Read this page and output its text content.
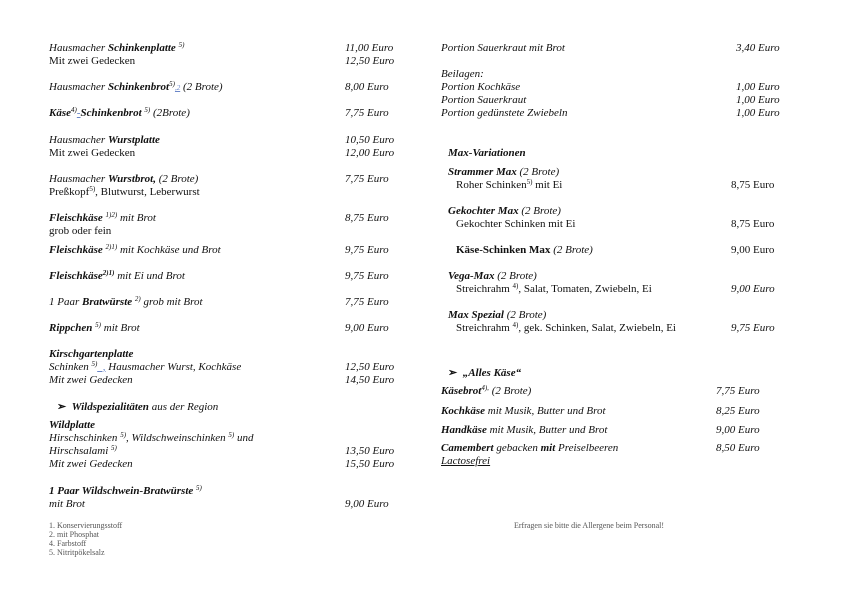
Hausmacher Schinkenplatte $^{5)}$	11,00 Euro
Mit zwei Gedecken	12,50 Euro
Hausmacher Schinkenbrot$^{5)}$,2 (2 Brote)	8,00 Euro
Käse$^{4)}$-Schinkenbrot $^{5)}$ (2Brote)	7,75 Euro
Hausmacher Wurstplatte	10,50 Euro
Mit zwei Gedecken	12,00 Euro
Hausmacher Wurstbrot, (2 Brote)	7,75 Euro
Preßkopf$^{5)}$, Blutwurst, Leberwurst
Fleischkäse $^{1)2)}$ mit Brot	8,75 Euro
grob oder fein
Fleischkäse $^{2)1)}$ mit Kochkäse und Brot	9,75 Euro
Fleischkäse$^{2)1)}$ mit Ei und Brot	9,75 Euro
1 Paar Bratwürste $^{2)}$ grob mit Brot	7,75 Euro
Rippchen $^{5)}$ mit Brot	9,00 Euro
Kirschgartenplatte
Schinken $^{5)}$_, Hausmacher Wurst, Kochkäse	12,50 Euro
Mit zwei Gedecken	14,50 Euro
➢ Wildspezialitäten aus der Region
Wildplatte
Hirschschinken $^{5)}$, Wildschweinschinken $^{5)}$ und
Hirschsalami $^{5)}$	13,50 Euro
Mit zwei Gedecken	15,50 Euro
1 Paar Wildschwein-Bratwürste $^{5)}$
mit Brot	9,00 Euro
Portion Sauerkraut mit Brot	3,40 Euro
Beilagen:
Portion Kochkäse	1,00 Euro
Portion Sauerkraut	1,00 Euro
Portion gedünstete Zwiebeln	1,00 Euro
Max-Variationen
Strammer Max (2 Brote)
Roher Schinken$^{5)}$ mit Ei	8,75 Euro
Gekochter Max (2 Brote)
Gekochter Schinken mit Ei	8,75 Euro
Käse-Schinken Max (2 Brote)	9,00 Euro
Vega-Max (2 Brote)
Streichrahm $^{4)}$, Salat, Tomaten, Zwiebeln, Ei	9,00 Euro
Max Spezial (2 Brote)
Streichrahm $^{4)}$, gek. Schinken, Salat, Zwiebeln, Ei	9,75 Euro
➢ „Alles Käse“
Käsebrot$^{4),}$ (2 Brote)	7,75 Euro
Kochkäse mit Musik, Butter und Brot	8,25 Euro
Handkäse mit Musik, Butter und Brot	9,00 Euro
Camembert gebacken mit Preiselbeeren	8,50 Euro
Lactosefrei
1. Konservierungsstoff
2. mit Phosphat
4. Farbstoff
5. Nitritpökelsalz
Erfragen sie bitte die Allergene beim Personal!
